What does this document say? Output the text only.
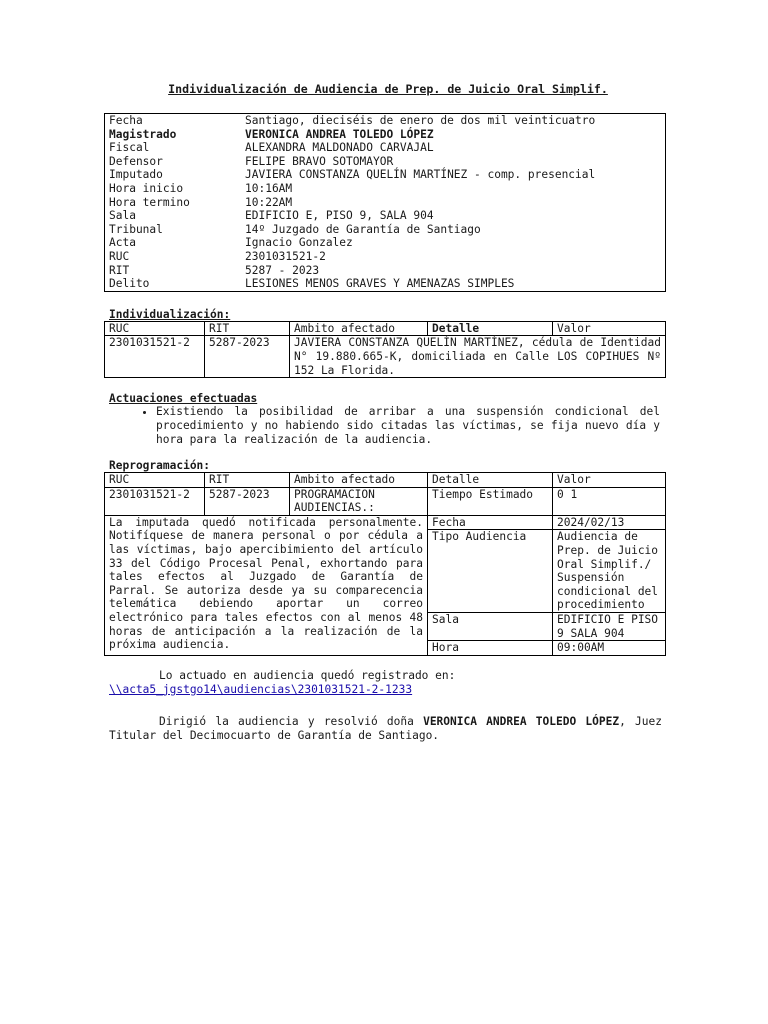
Individualización de Audiencia de Prep. de Juicio Oral Simplif.
Fecha	Santiago, dieciséis de enero de dos mil veinticuatro
Magistrado	VERONICA ANDREA TOLEDO LÓPEZ
Fiscal	ALEXANDRA MALDONADO CARVAJAL
Defensor	FELIPE BRAVO SOTOMAYOR
Imputado	JAVIERA CONSTANZA QUELÍN MARTÍNEZ - comp. presencial
Hora inicio	10:16AM
Hora termino	10:22AM
Sala	EDIFICIO E, PISO 9, SALA 904
Tribunal	14º Juzgado de Garantía de Santiago
Acta	Ignacio Gonzalez
RUC	2301031521-2
RIT	5287 - 2023
Delito	LESIONES MENOS GRAVES Y AMENAZAS SIMPLES
Individualización:
RUC	RIT	Ambito afectado	Detalle	Valor
2301031521-2	5287-2023	JAVIERA CONSTANZA QUELÍN MARTÍNEZ, cédula de Identidad N° 19.880.665-K, domiciliada en Calle LOS COPIHUES Nº 152 La Florida.		
Actuaciones efectuadas
• Existiendo la posibilidad de arribar a una suspensión condicional del procedimiento y no habiendo sido citadas las víctimas, se fija nuevo día y hora para la realización de la audiencia.
Reprogramación:
RUC	RIT	Ambito afectado	Detalle	Valor
2301031521-2	5287-2023	PROGRAMACION AUDIENCIAS.:	Tiempo Estimado	0 1
La imputada quedó notificada personalmente. Notifíquese de manera personal o por cédula a las víctimas, bajo apercibimiento del artículo 33 del Código Procesal Penal, exhortando para tales efectos al Juzgado de Garantía de Parral. Se autoriza desde ya su comparecencia telemática debiendo aportar un correo electrónico para tales efectos con al menos 48 horas de anticipación a la realización de la próxima audiencia.			Fecha	2024/02/13
			Tipo Audiencia	Audiencia de Prep. de Juicio Oral Simplif./ Suspensión condicional del procedimiento
			Sala	EDIFICIO E PISO 9 SALA 904
			Hora	09:00AM
Lo actuado en audiencia quedó registrado en:
\\acta5_jgstgo14\audiencias\2301031521-2-1233
Dirigió la audiencia y resolvió doña VERONICA ANDREA TOLEDO LÓPEZ, Juez Titular del Decimocuarto de Garantía de Santiago.
